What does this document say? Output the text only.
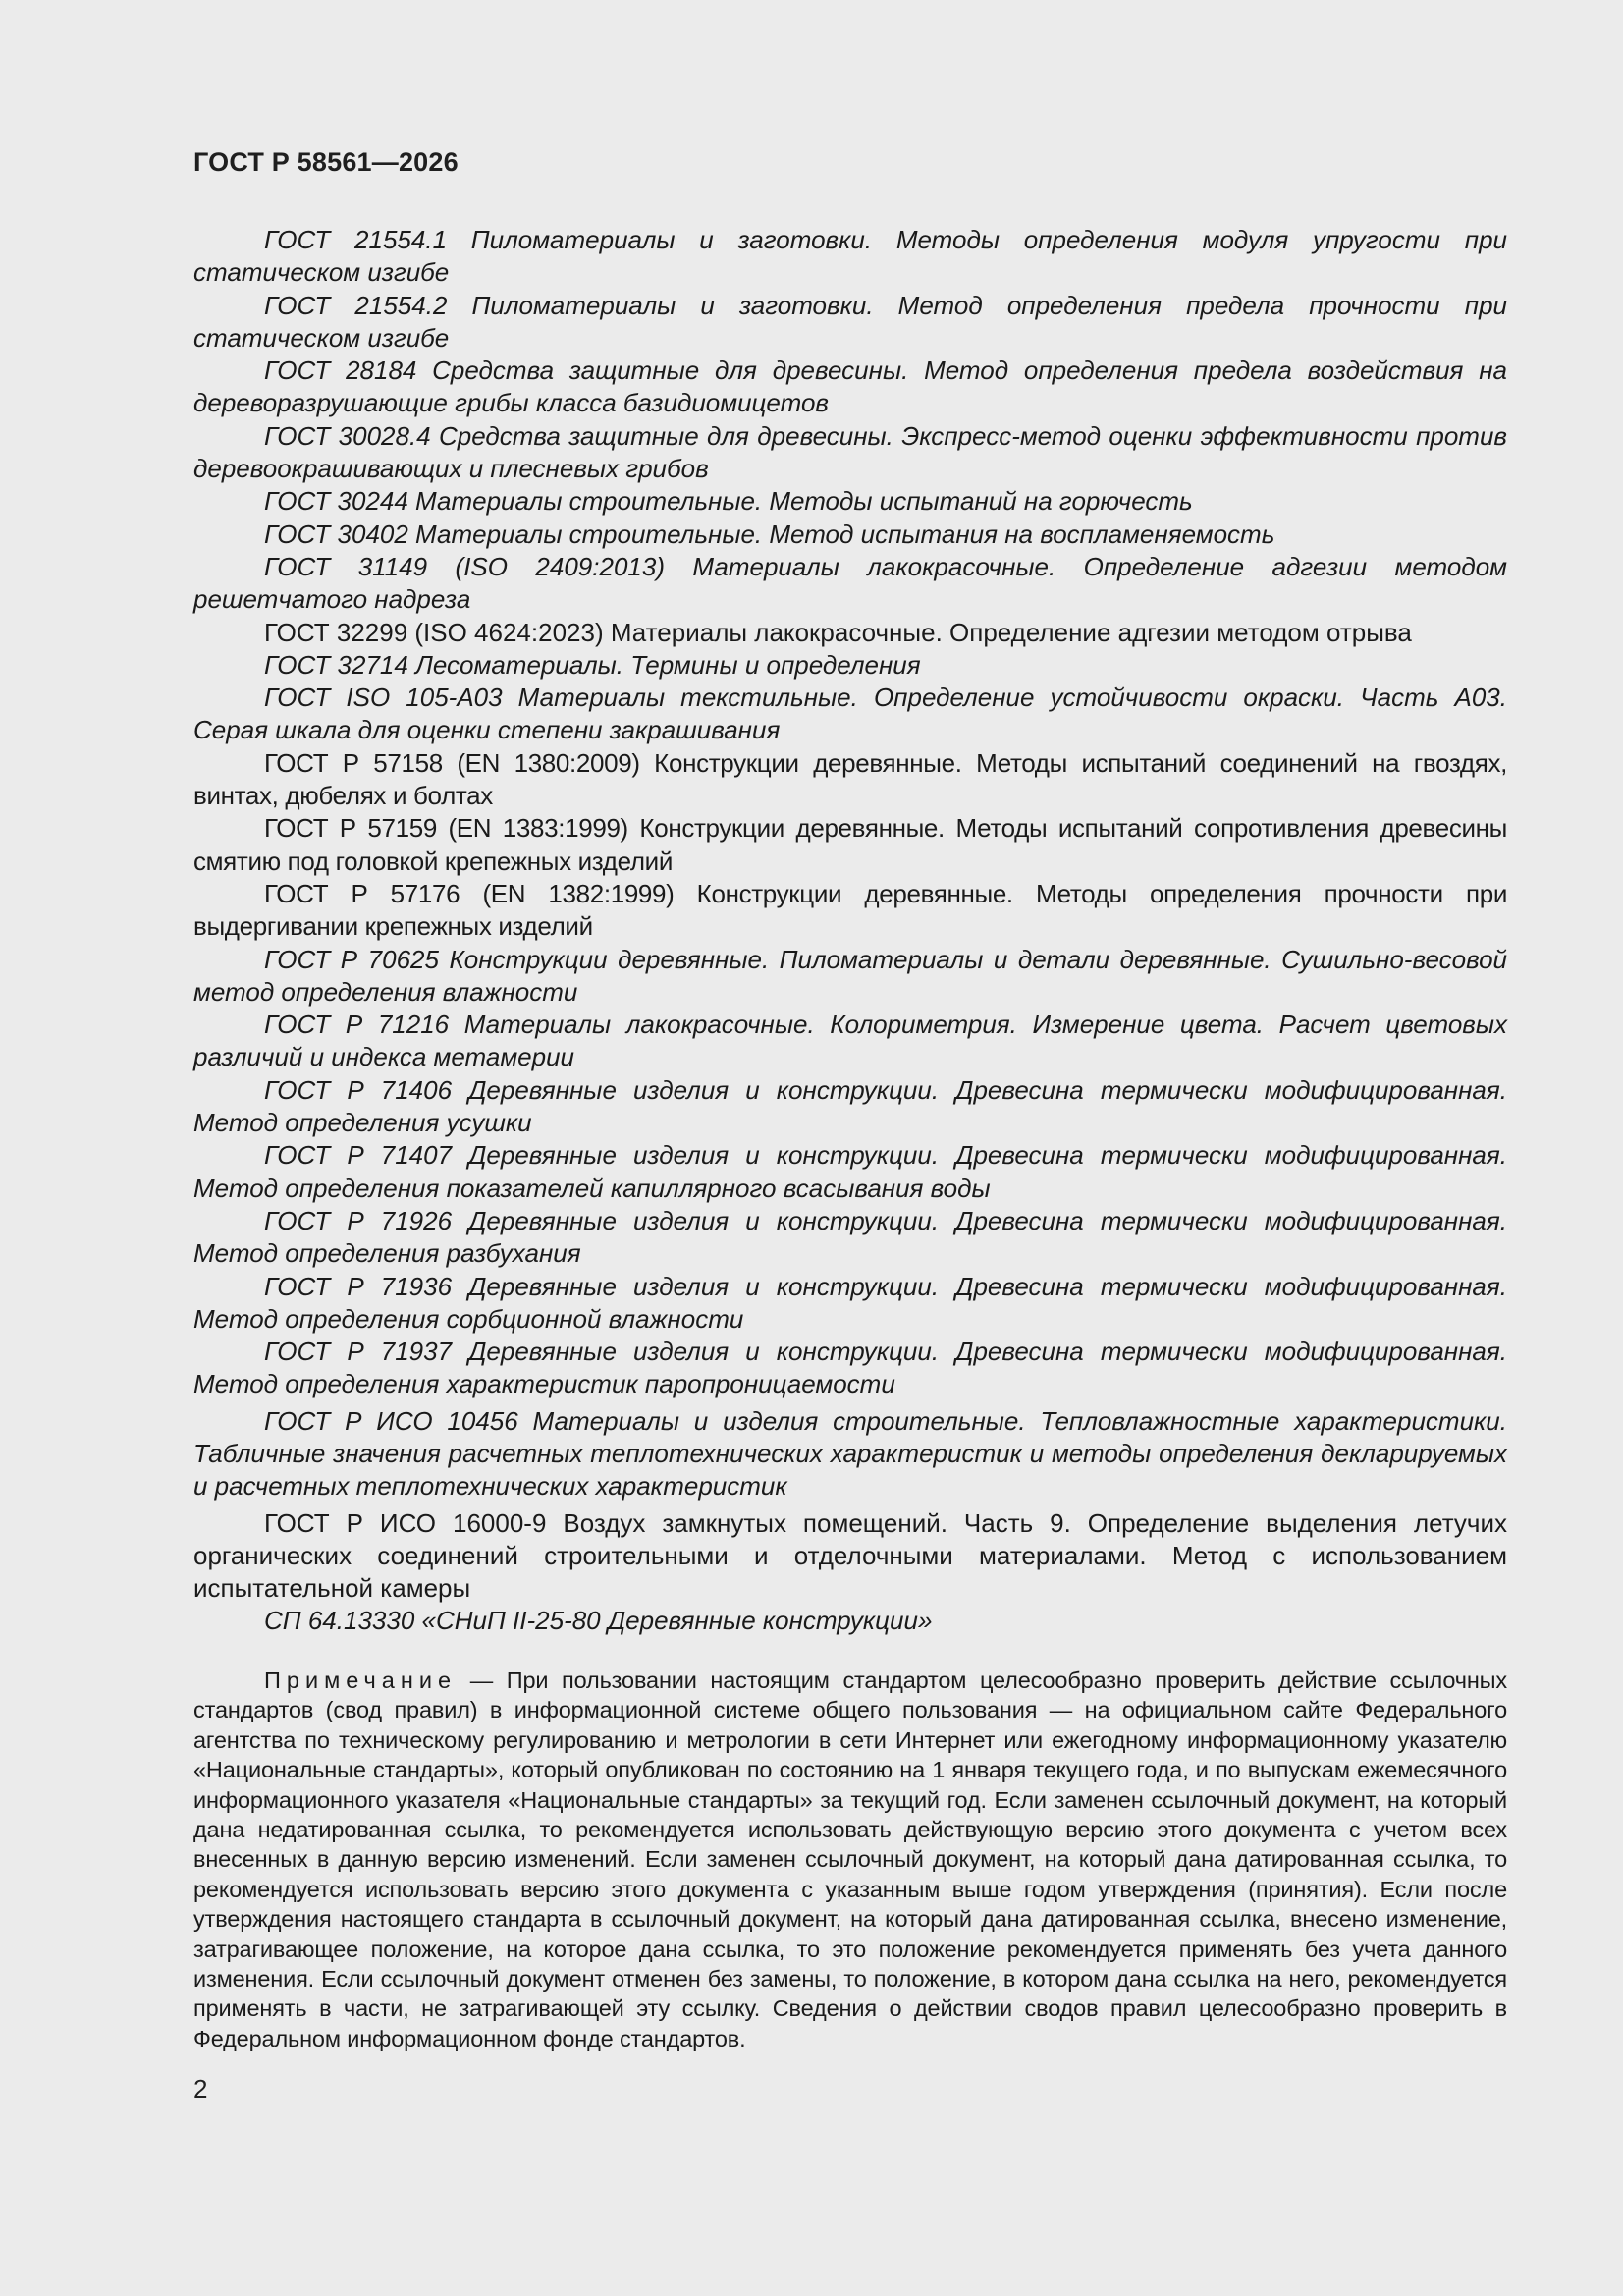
ГОСТ Р 58561—2026

ГОСТ 21554.1 Пиломатериалы и заготовки. Методы определения модуля упругости при статическом изгибе

ГОСТ 21554.2 Пиломатериалы и заготовки. Метод определения предела прочности при статическом изгибе

ГОСТ 28184 Средства защитные для древесины. Метод определения предела воздействия на дереворазрушающие грибы класса базидиомицетов

ГОСТ 30028.4 Средства защитные для древесины. Экспресс-метод оценки эффективности против деревоокрашивающих и плесневых грибов

ГОСТ 30244 Материалы строительные. Методы испытаний на горючесть

ГОСТ 30402 Материалы строительные. Метод испытания на воспламеняемость

ГОСТ 31149 (ISO 2409:2013) Материалы лакокрасочные. Определение адгезии методом решетчатого надреза

ГОСТ 32299 (ISO 4624:2023) Материалы лакокрасочные. Определение адгезии методом отрыва

ГОСТ 32714 Лесоматериалы. Термины и определения

ГОСТ ISO 105-A03 Материалы текстильные. Определение устойчивости окраски. Часть А03. Серая шкала для оценки степени закрашивания

ГОСТ Р 57158 (EN 1380:2009) Конструкции деревянные. Методы испытаний соединений на гвоздях, винтах, дюбелях и болтах

ГОСТ Р 57159 (EN 1383:1999) Конструкции деревянные. Методы испытаний сопротивления древесины смятию под головкой крепежных изделий

ГОСТ Р 57176 (EN 1382:1999) Конструкции деревянные. Методы определения прочности при выдергивании крепежных изделий

ГОСТ Р 70625 Конструкции деревянные. Пиломатериалы и детали деревянные. Сушильно-весовой метод определения влажности

ГОСТ Р 71216 Материалы лакокрасочные. Колориметрия. Измерение цвета. Расчет цветовых различий и индекса метамерии

ГОСТ Р 71406 Деревянные изделия и конструкции. Древесина термически модифицированная. Метод определения усушки

ГОСТ Р 71407 Деревянные изделия и конструкции. Древесина термически модифицированная. Метод определения показателей капиллярного всасывания воды

ГОСТ Р 71926 Деревянные изделия и конструкции. Древесина термически модифицированная. Метод определения разбухания

ГОСТ Р 71936 Деревянные изделия и конструкции. Древесина термически модифицированная. Метод определения сорбционной влажности

ГОСТ Р 71937 Деревянные изделия и конструкции. Древесина термически модифицированная. Метод определения характеристик паропроницаемости

ГОСТ Р ИСО 10456 Материалы и изделия строительные. Тепловлажностные характеристики. Табличные значения расчетных теплотехнических характеристик и методы определения декларируемых и расчетных теплотехнических характеристик

ГОСТ Р ИСО 16000-9 Воздух замкнутых помещений. Часть 9. Определение выделения летучих органических соединений строительными и отделочными материалами. Метод с использованием испытательной камеры

СП 64.13330 «СНиП II-25-80 Деревянные конструкции»

Примечание — При пользовании настоящим стандартом целесообразно проверить действие ссылочных стандартов (свод правил) в информационной системе общего пользования — на официальном сайте Федерального агентства по техническому регулированию и метрологии в сети Интернет или ежегодному информационному указателю «Национальные стандарты», который опубликован по состоянию на 1 января текущего года, и по выпускам ежемесячного информационного указателя «Национальные стандарты» за текущий год. Если заменен ссылочный документ, на который дана недатированная ссылка, то рекомендуется использовать действующую версию этого документа с учетом всех внесенных в данную версию изменений. Если заменен ссылочный документ, на который дана датированная ссылка, то рекомендуется использовать версию этого документа с указанным выше годом утверждения (принятия). Если после утверждения настоящего стандарта в ссылочный документ, на который дана датированная ссылка, внесено изменение, затрагивающее положение, на которое дана ссылка, то это положение рекомендуется применять без учета данного изменения. Если ссылочный документ отменен без замены, то положение, в котором дана ссылка на него, рекомендуется применять в части, не затрагивающей эту ссылку. Сведения о действии сводов правил целесообразно проверить в Федеральном информационном фонде стандартов.

2
